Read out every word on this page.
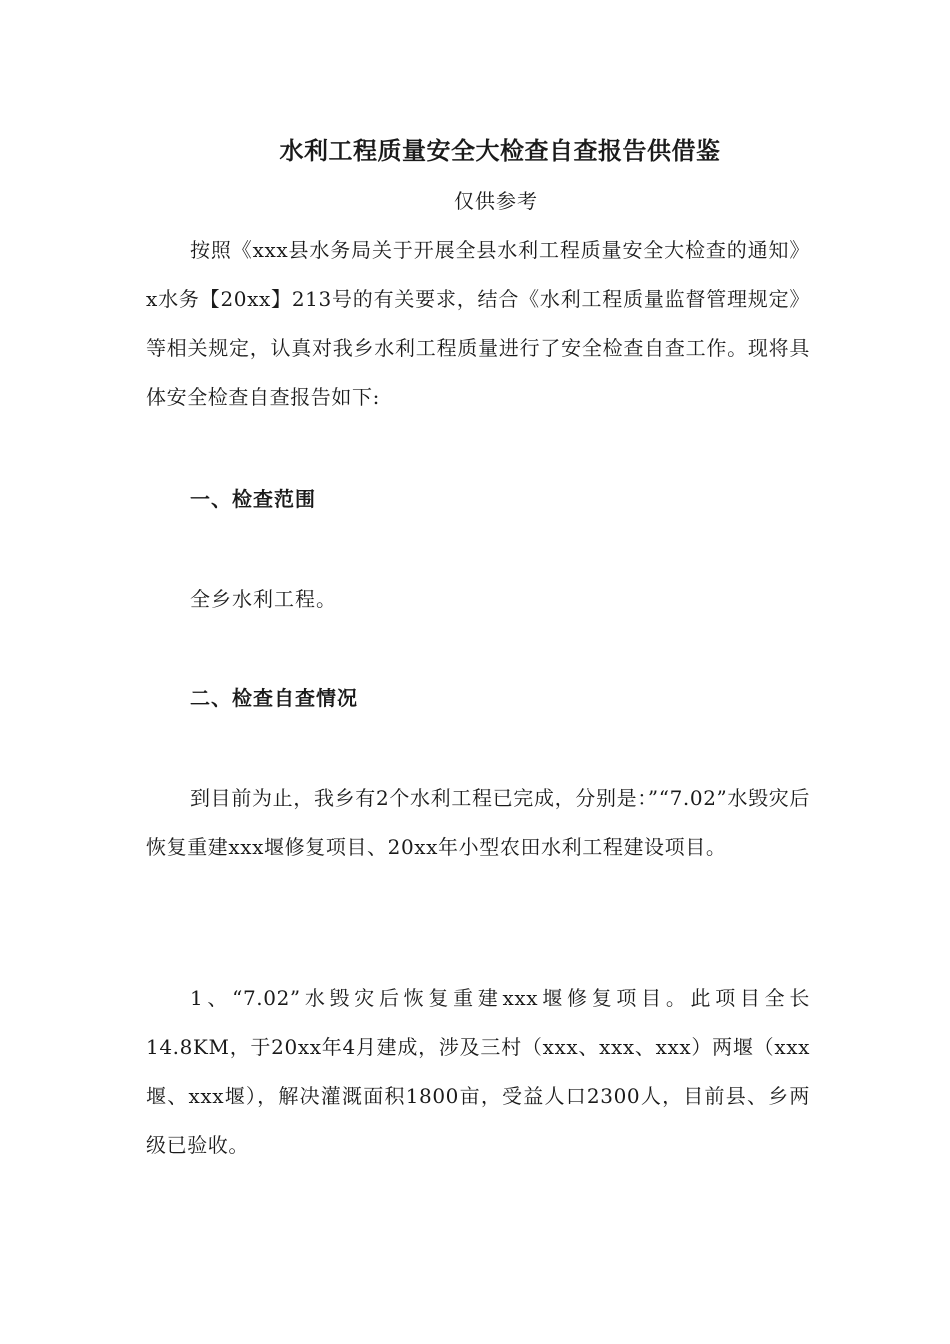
水利工程质量安全大检查自查报告供借鉴
仅供参考

按照《xxx县水务局关于开展全县水利工程质量安全大检查的通知》x水务【20xx】213号的有关要求，结合《水利工程质量监督管理规定》等相关规定，认真对我乡水利工程质量进行了安全检查自查工作。现将具体安全检查自查报告如下:

一、检查范围
全乡水利工程。
二、检查自查情况

到目前为止，我乡有2个水利工程已完成，分别是：”“7.02”水毁灾后恢复重建xxx堰修复项目、20xx年小型农田水利工程建设项目。

1、“7.02”水毁灾后恢复重建xxx堰修复项目。此项目全长14.8KM，于20xx年4月建成，涉及三村（xxx、xxx、xxx）两堰（xxx堰、xxx堰），解决灌溉面积1800亩，受益人口2300人，目前县、乡两级已验收。
